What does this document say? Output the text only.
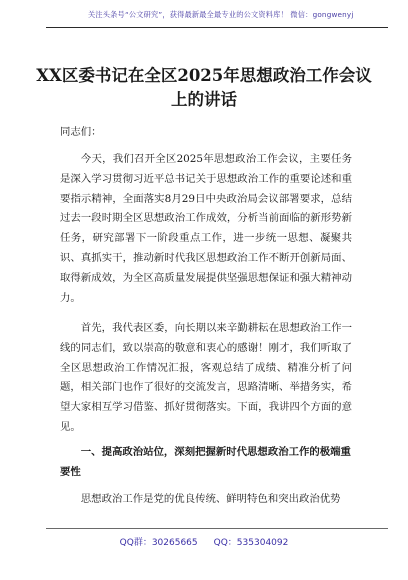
关注头条号“公文研究”，获得最新最全最专业的公文资料库！ 微信：gongwenyj
XX区委书记在全区2025年思想政治工作会议上的讲话
同志们：
今天，我们召开全区2025年思想政治工作会议，主要任务是深入学习贯彻习近平总书记关于思想政治工作的重要论述和重要指示精神，全面落实8月29日中央政治局会议部署要求，总结过去一段时期全区思想政治工作成效，分析当前面临的新形势新任务，研究部署下一阶段重点工作，进一步统一思想、凝聚共识、真抓实干，推动新时代我区思想政治工作不断开创新局面、取得新成效，为全区高质量发展提供坚强思想保证和强大精神动力。
首先，我代表区委，向长期以来辛勤耕耘在思想政治工作一线的同志们，致以崇高的敬意和衷心的感谢！刚才，我们听取了全区思想政治工作情况汇报，客观总结了成绩、精准分析了问题，相关部门也作了很好的交流发言，思路清晰、举措务实，希望大家相互学习借鉴、抓好贯彻落实。下面，我讲四个方面的意见。
一、提高政治站位，深刻把握新时代思想政治工作的极端重要性
思想政治工作是党的优良传统、鲜明特色和突出政治优势
QQ群：30265665 QQ：535304092
